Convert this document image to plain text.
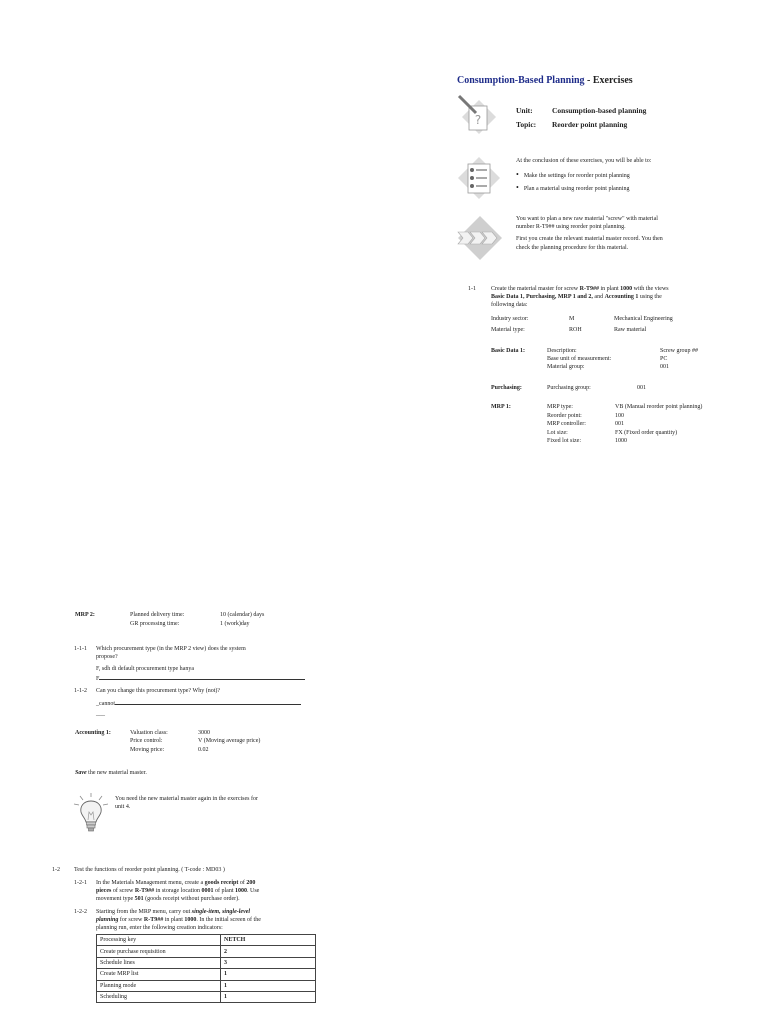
Consumption-Based Planning - Exercises
?
Unit:	Consumption-based planning
Topic: Reorder point planning
At the conclusion of these exercises, you will be able to:
• Make the settings for reorder point planning
• Plan a material using reorder point planning
You want to plan a new raw material "screw" with material
number R-T9## using reorder point planning.
First you create the relevant material master record. You then
check the planning procedure for this material.
1-1	Create the material master for screw R-T9## in plant 1000 with the views
Basic Data 1, Purchasing, MRP 1 and 2, and Accounting 1 using the
following data:
Industry sector:	M	Mechanical Engineering
Material type:	ROH	Raw material
Basic Data 1:	Description:	Screw group ##
Base unit of measurement:	PC
Material group:	001
Purchasing:	Purchasing group:	001
MRP 1:	MRP type:	VB (Manual reorder point planning)
Reorder point:	100
MRP controller:	001
Lot size:	FX (Fixed order quantity)
Fixed lot size:	1000
MRP 2:	Planned delivery time:	10 (calendar) days
GR processing time:	1 (work)day
1-1-1 Which procurement type (in the MRP 2 view) does the system
propose?
F, sdh di default procurement type hanya
F
1-1-2 Can you change this procurement type? Why (not)?
_cannot
___
Accounting 1:	Valuation class:	3000
Price control:	V (Moving average price)
Moving price:	0.02
Save the new material master.
You need the new material master again in the exercises for
unit 4.
1-2 Test the functions of reorder point planning. ( T-code : MD03 )
1-2-1 In the Materials Management menu, create a goods receipt of 200
pieces of screw R-T9## in storage location 0001 of plant 1000. Use
movement type 501 (goods receipt without purchase order).
1-2-2 Starting from the MRP menu, carry out single-item, single-level
planning for screw R-T9## in plant 1000. In the initial screen of the
planning run, enter the following creation indicators:
Processing key	NETCH
Create purchase requisition	2
Schedule lines	3
Create MRP list	1
Planning mode	1
Scheduling	1
